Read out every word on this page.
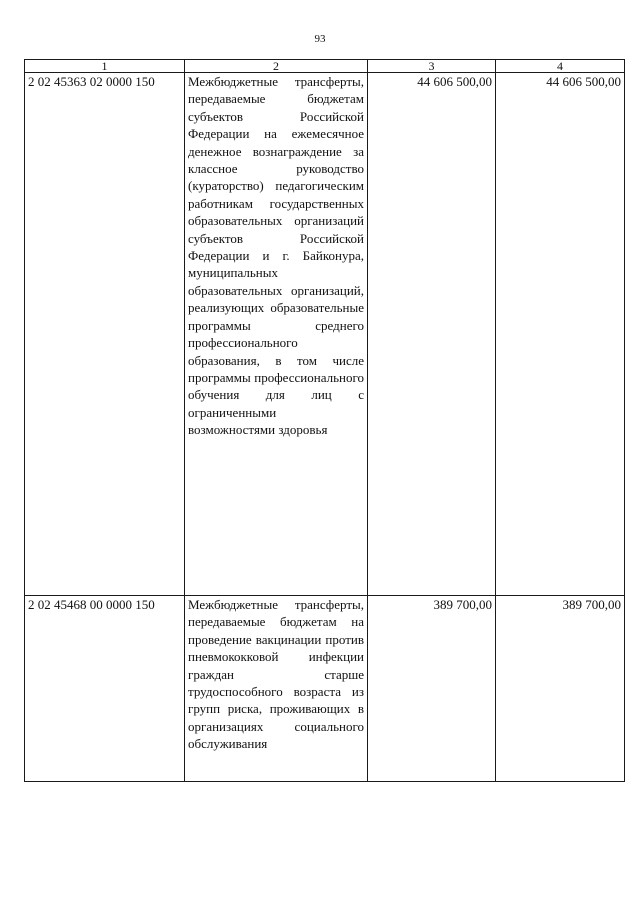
93
1	2	3	4
2 02 45363 02 0000 150	Межбюджетные трансферты, передаваемые бюджетам субъектов Российской Федерации на ежемесячное денежное вознаграждение за классное руководство (кураторство) педагогическим работникам государственных образовательных организаций субъектов Российской Федерации и г. Байконура, муниципальных образовательных организаций, реализующих образовательные программы среднего профессионального образования, в том числе программы профессионального обучения для лиц с ограниченными возможностями здоровья	44 606 500,00	44 606 500,00
2 02 45468 00 0000 150	Межбюджетные трансферты, передаваемые бюджетам на проведение вакцинации против пневмококковой инфекции граждан старше трудоспособного возраста из групп риска, проживающих в организациях социального обслуживания	389 700,00	389 700,00
